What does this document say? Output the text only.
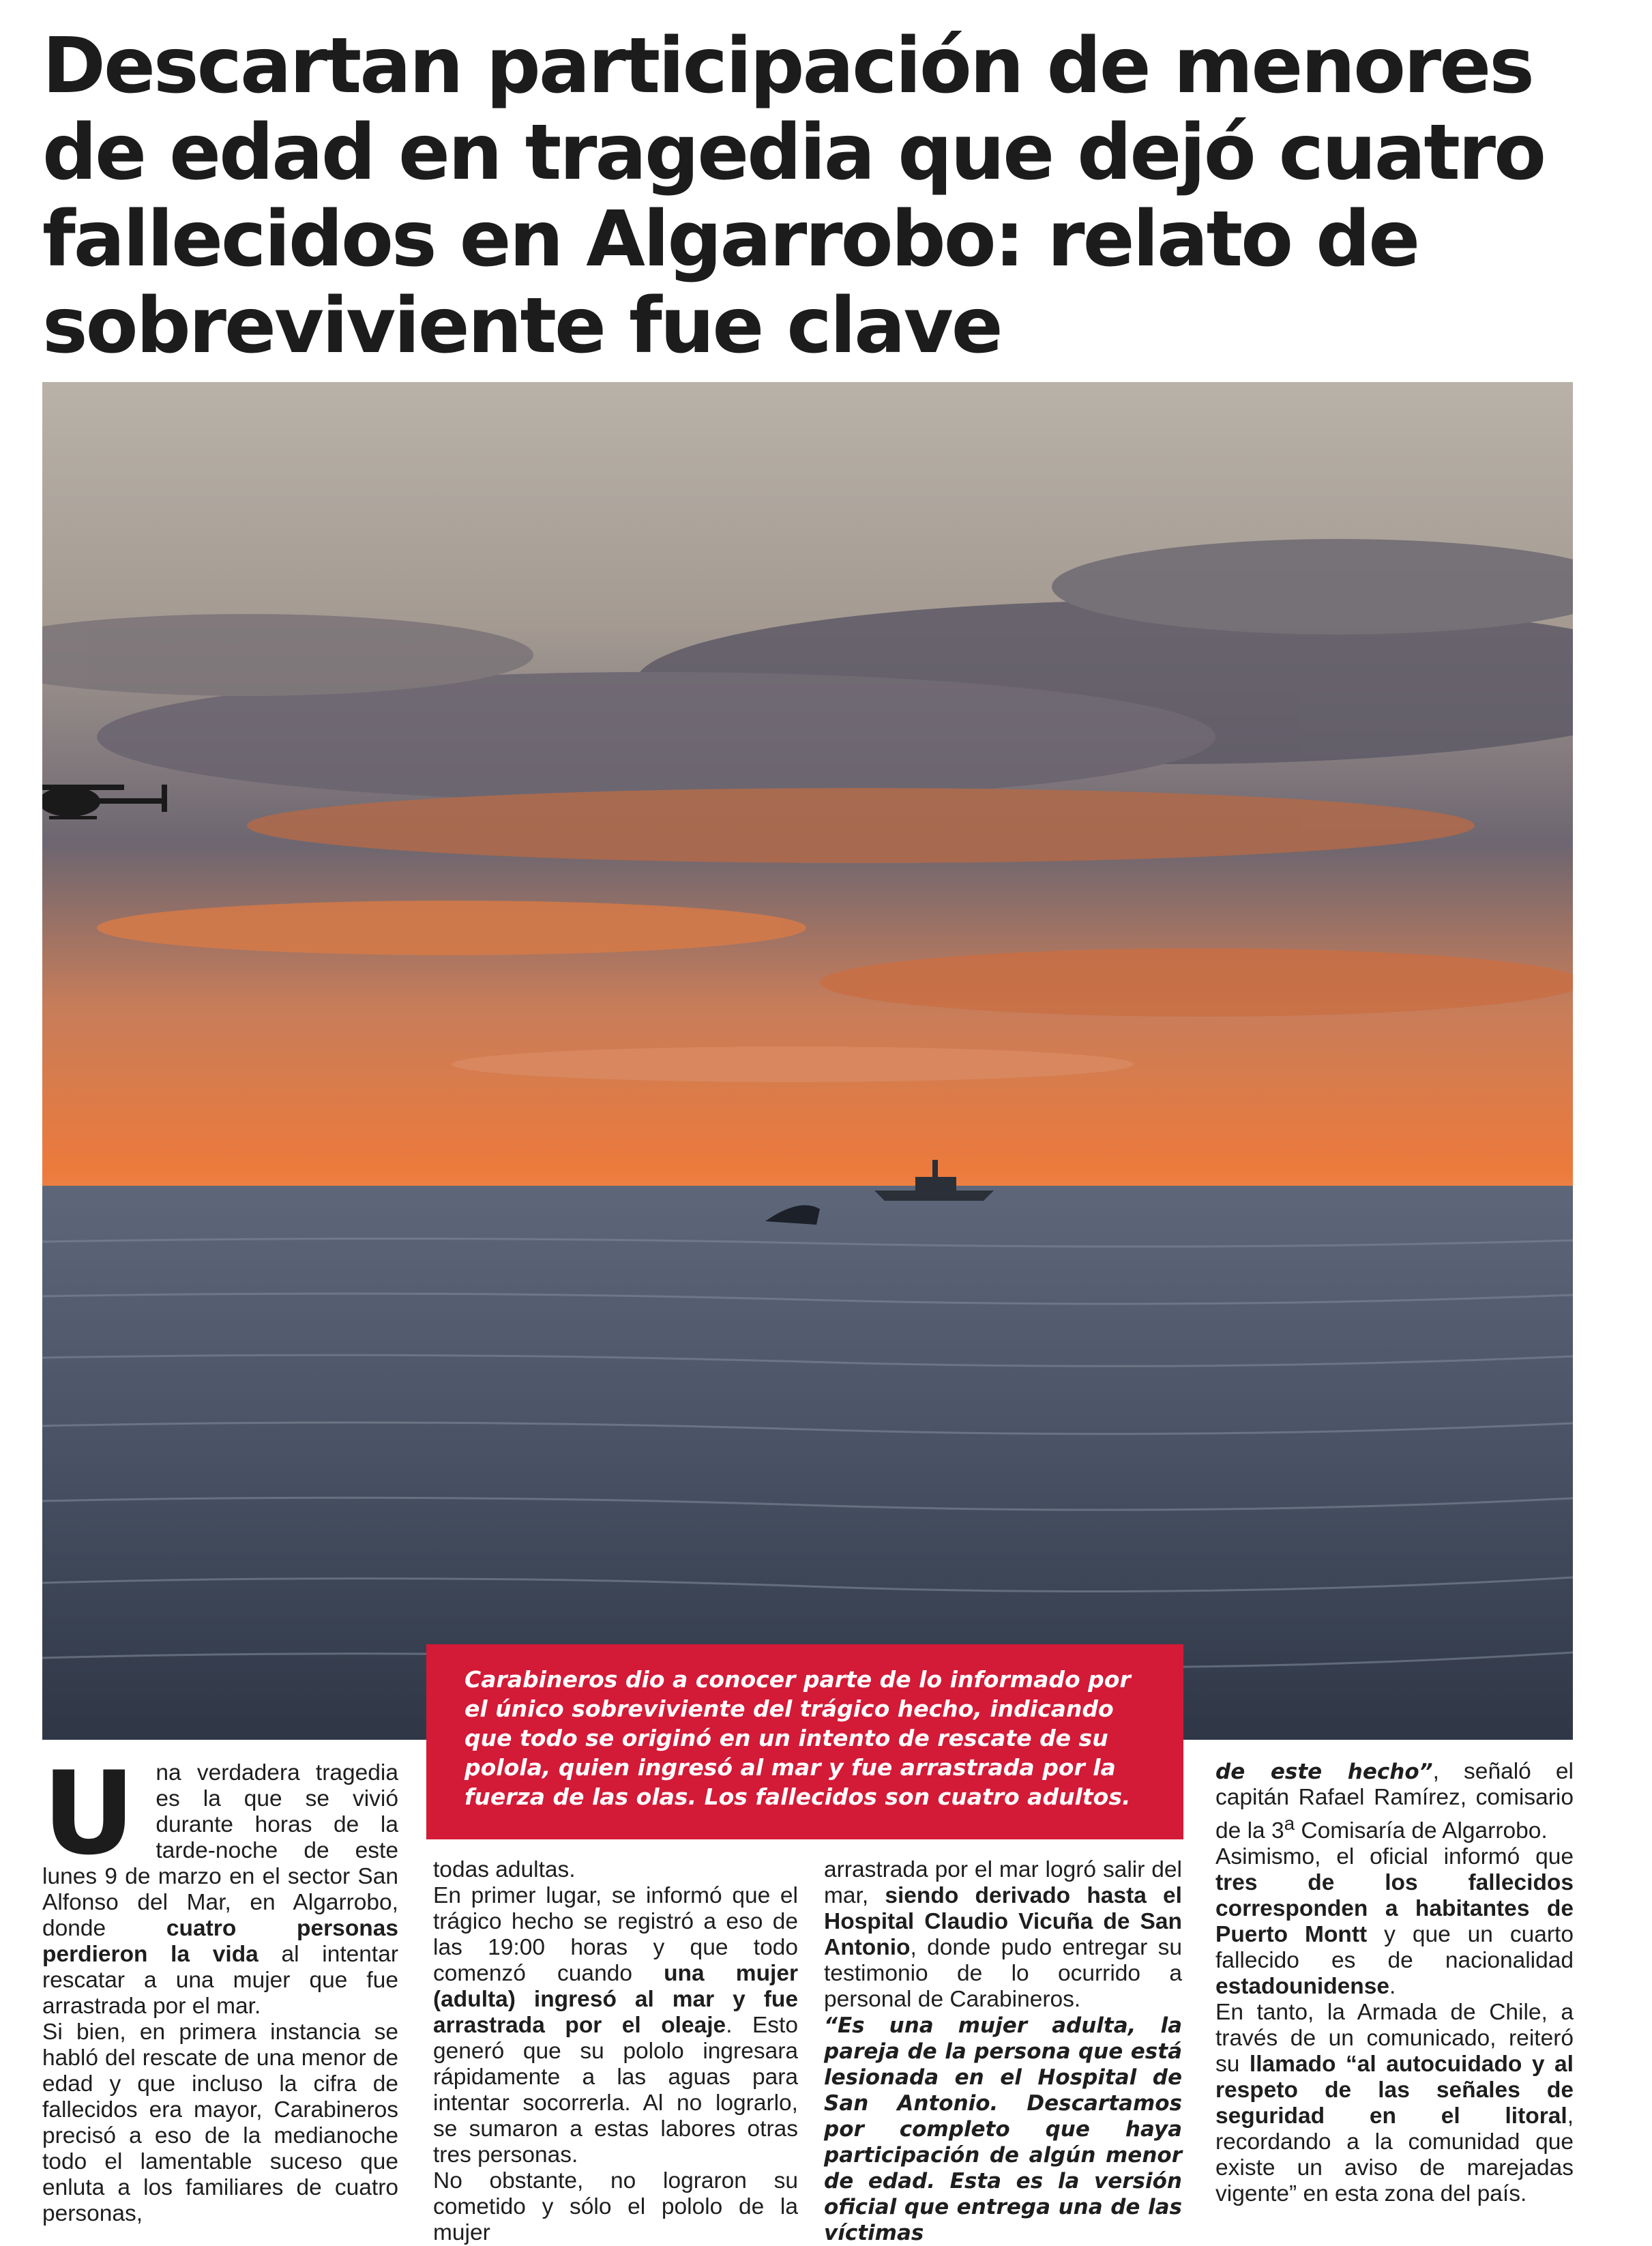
Descartan participación de menores de edad en tragedia que dejó cuatro fallecidos en Algarrobo: relato de sobreviviente fue clave
Carabineros dio a conocer parte de lo informado por el único sobreviviente del trágico hecho, indicando que todo se originó en un intento de rescate de su polola, quien ingresó al mar y fue arrastrada por la fuerza de las olas. Los fallecidos son cuatro adultos.

U na verdadera tragedia es la que se vivió durante horas de la tarde-noche de este lunes 9 de marzo en el sector San Alfonso del Mar, en Algarrobo, donde cuatro personas perdieron la vida al intentar rescatar a una mujer que fue arrastrada por el mar.

Si bien, en primera instancia se habló del rescate de una menor de edad y que incluso la cifra de fallecidos era mayor, Carabineros precisó a eso de la medianoche todo el lamentable suceso que enluta a los familiares de cuatro personas,

todas adultas.

En primer lugar, se informó que el trágico hecho se registró a eso de las 19:00 horas y que todo comenzó cuando una mujer (adulta) ingresó al mar y fue arrastrada por el oleaje. Esto generó que su pololo ingresara rápidamente a las aguas para intentar socorrerla. Al no lograrlo, se sumaron a estas labores otras tres personas.

No obstante, no lograron su cometido y sólo el pololo de la mujer

arrastrada por el mar logró salir del mar, siendo derivado hasta el Hospital Claudio Vicuña de San Antonio, donde pudo entregar su testimonio de lo ocurrido a personal de Carabineros.

“Es una mujer adulta, la pareja de la persona que está lesionada en el Hospital de San Antonio. Descartamos por completo que haya participación de algún menor de edad. Esta es la versión oficial que entrega una de las víctimas

de este hecho”, señaló el capitán Rafael Ramírez, comisario de la 3$^a$ Comisaría de Algarrobo.

Asimismo, el oficial informó que tres de los fallecidos corresponden a habitantes de Puerto Montt y que un cuarto fallecido es de nacionalidad estadounidense.

En tanto, la Armada de Chile, a través de un comunicado, reiteró su llamado “al autocuidado y al respeto de las señales de seguridad en el litoral, recordando a la comunidad que existe un aviso de marejadas vigente” en esta zona del país.
